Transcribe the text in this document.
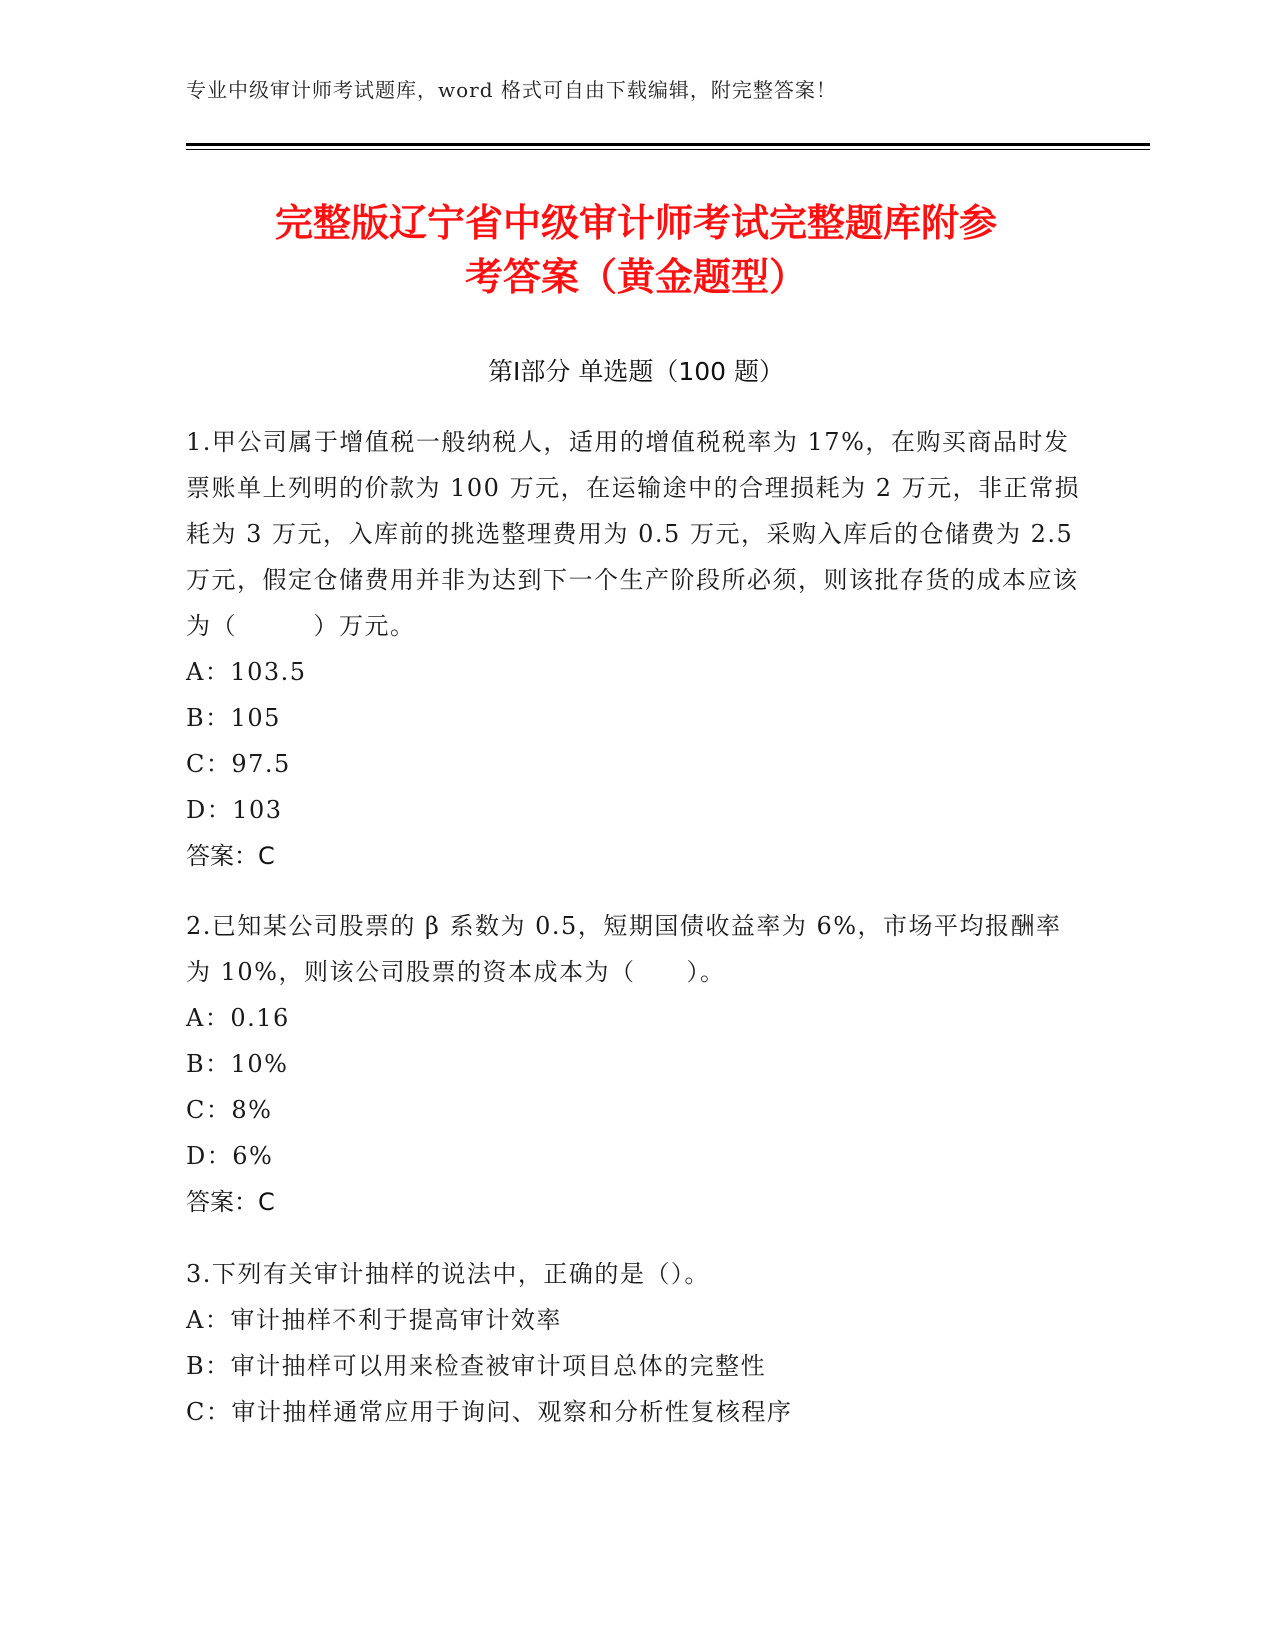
专业中级审计师考试题库，word 格式可自由下载编辑，附完整答案！
完整版辽宁省中级审计师考试完整题库附参
考答案（黄金题型）
第Ⅰ部分 单选题（100 题）

1.甲公司属于增值税一般纳税人，适用的增值税税率为 17%，在购买商品时发票账单上列明的价款为 100 万元，在运输途中的合理损耗为 2 万元，非正常损耗为 3 万元，入库前的挑选整理费用为 0.5 万元，采购入库后的仓储费为 2.5 万元，假定仓储费用并非为达到下一个生产阶段所必须，则该批存货的成本应该为（　　　）万元。

A：103.5

B：105

C：97.5

D：103

答案：C

2.已知某公司股票的 β 系数为 0.5，短期国债收益率为 6%，市场平均报酬率为 10%，则该公司股票的资本成本为（　　）。

A：0.16

B：10%

C：8%

D：6%

答案：C

3.下列有关审计抽样的说法中，正确的是（）。

A：审计抽样不利于提高审计效率

B：审计抽样可以用来检查被审计项目总体的完整性

C：审计抽样通常应用于询问、观察和分析性复核程序
